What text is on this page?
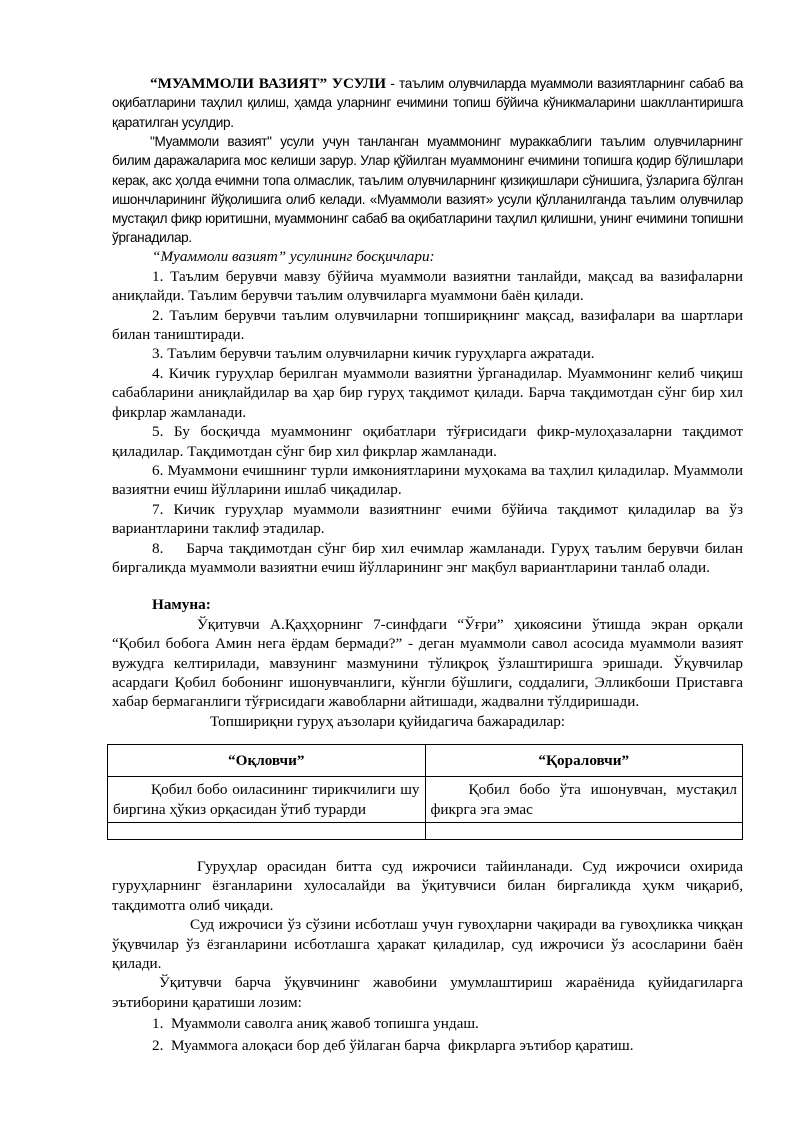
“МУАММОЛИ ВАЗИЯТ” УСУЛИ - таълим олувчиларда муаммоли вазиятларнинг сабаб ва оқибатларини таҳлил қилиш, ҳамда уларнинг ечимини топиш бўйича кўникмаларини шакллантиришга қаратилган усулдир.

"Муаммоли вазият" усули учун танланган муаммонинг мураккаблиги таълим олувчиларнинг билим даражаларига мос келиши зарур. Улар қўйилган муаммонинг ечимини топишга қодир бўлишлари керак, акс ҳолда ечимни топа олмаслик, таълим олувчиларнинг қизиқишлари сўнишига, ўзларига бўлган ишончларининг йўқолишига олиб келади. «Муаммоли вазият» усули қўлланилганда таълим олувчилар мустақил фикр юритишни, муаммонинг сабаб ва оқибатларини таҳлил қилишни, унинг ечимини топишни ўрганадилар.

“Муаммоли вазият” усулининг босқичлари:

1. Таълим берувчи мавзу бўйича муаммоли вазиятни танлайди, мақсад ва вазифаларни аниқлайди. Таълим берувчи таълим олувчиларга муаммони баён қилади.

2. Таълим берувчи таълим олувчиларни топшириқнинг мақсад, вазифалари ва шартлари билан таништиради.

3. Таълим берувчи таълим олувчиларни кичик гуруҳларга ажратади.

4. Кичик гуруҳлар берилган муаммоли вазиятни ўрганадилар. Муаммонинг келиб чиқиш сабабларини аниқлайдилар ва ҳар бир гуруҳ тақдимот қилади. Барча тақдимотдан сўнг бир хил фикрлар жамланади.

5. Бу босқичда муаммонинг оқибатлари тўғрисидаги фикр-мулоҳазаларни тақдимот қиладилар. Тақдимотдан сўнг бир хил фикрлар жамланади.

6. Муаммони ечишнинг турли имкониятларини муҳокама ва таҳлил қиладилар. Муаммоли вазиятни ечиш йўлларини ишлаб чиқадилар.

7. Кичик гуруҳлар муаммоли вазиятнинг ечими бўйича тақдимот қиладилар ва ўз вариантларини таклиф этадилар.

8.    Барча тақдимотдан сўнг бир хил ечимлар жамланади. Гуруҳ таълим берувчи билан биргаликда муаммоли вазиятни ечиш йўлларининг энг мақбул вариантларини танлаб олади.

Намуна:

Ўқитувчи А.Қаҳҳорнинг 7-синфдаги “Ўғри” ҳикоясини ўтишда экран орқали “Қобил бобога Амин нега ёрдам бермади?” - деган муаммоли савол асосида муаммоли вазият вужудга келтирилади, мавзунинг мазмунини тўлиқроқ ўзлаштиришга эришади. Ўқувчилар асардаги Қобил бобонинг ишонувчанлиги, кўнгли бўшлиги, соддалиги, Элликбоши Приставга хабар бермаганлиги тўғрисидаги жавобларни айтишади, жадвални тўлдиришади.

Топшириқни гуруҳ аъзолари қуйидагича бажарадилар:

“Оқловчи”	“Қораловчи”
Қобил бобо оиласининг тирикчилиги шу биргина ҳўкиз орқасидан ўтиб турарди	Қобил бобо ўта ишонувчан, мустақил фикрга эга эмас

Гуруҳлар орасидан битта суд ижрочиси тайинланади. Суд ижрочиси охирида гуруҳларнинг ёзганларини хулосалайди ва ўқитувчиси билан биргаликда ҳукм чиқариб, тақдимотга олиб чиқади.

Суд ижрочиси ўз сўзини исботлаш учун гувоҳларни чақиради ва гувоҳликка чиққан ўқувчилар ўз ёзганларини исботлашга ҳаракат қиладилар, суд ижрочиси ўз асосларини баён қилади.

Ўқитувчи барча ўқувчининг жавобини умумлаштириш жараёнида қуйидагиларга эътиборини қаратиши лозим:

1.  Муаммоли саволга аниқ жавоб топишга ундаш.

2.  Муаммога алоқаси бор деб ўйлаган барча  фикрларга эътибор қаратиш.
